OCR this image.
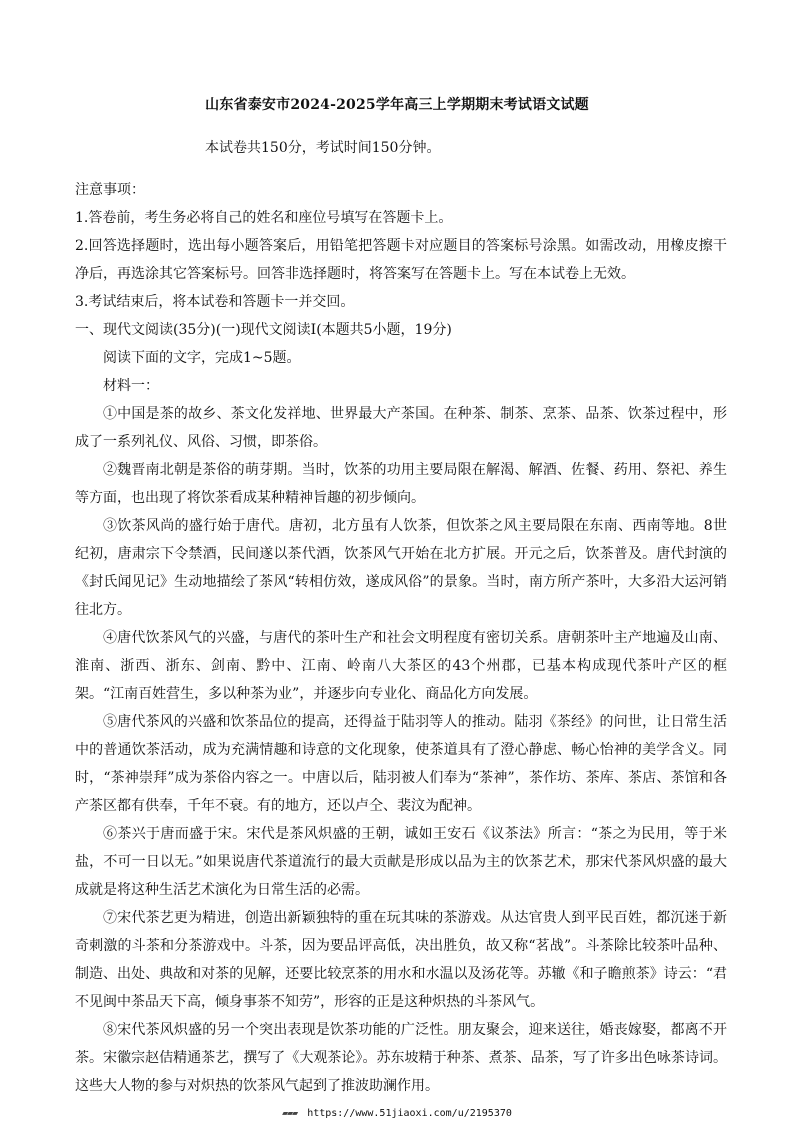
山东省泰安市2024-2025学年高三上学期期末考试语文试题
本试卷共150分，考试时间150分钟。

注意事项：

1.答卷前，考生务必将自己的姓名和座位号填写在答题卡上。

2.回答选择题时，选出每小题答案后，用铅笔把答题卡对应题目的答案标号涂黑。如需改动，用橡皮擦干净后，再选涂其它答案标号。回答非选择题时，将答案写在答题卡上。写在本试卷上无效。

3.考试结束后，将本试卷和答题卡一并交回。

一、现代文阅读(35分)(一)现代文阅读Ⅰ(本题共5小题，19分)

阅读下面的文字，完成1~5题。

材料一：

①中国是茶的故乡、茶文化发祥地、世界最大产茶国。在种茶、制茶、烹茶、品茶、饮茶过程中，形成了一系列礼仪、风俗、习惯，即茶俗。

②魏晋南北朝是茶俗的萌芽期。当时，饮茶的功用主要局限在解渴、解酒、佐餐、药用、祭祀、养生等方面，也出现了将饮茶看成某种精神旨趣的初步倾向。

③饮茶风尚的盛行始于唐代。唐初，北方虽有人饮茶，但饮茶之风主要局限在东南、西南等地。8世纪初，唐肃宗下令禁酒，民间遂以茶代酒，饮茶风气开始在北方扩展。开元之后，饮茶普及。唐代封演的《封氏闻见记》生动地描绘了茶风“转相仿效，遂成风俗”的景象。当时，南方所产茶叶，大多沿大运河销往北方。

④唐代饮茶风气的兴盛，与唐代的茶叶生产和社会文明程度有密切关系。唐朝茶叶主产地遍及山南、淮南、浙西、浙东、剑南、黔中、江南、岭南八大茶区的43个州郡，已基本构成现代茶叶产区的框架。“江南百姓营生，多以种茶为业”，并逐步向专业化、商品化方向发展。

⑤唐代茶风的兴盛和饮茶品位的提高，还得益于陆羽等人的推动。陆羽《茶经》的问世，让日常生活中的普通饮茶活动，成为充满情趣和诗意的文化现象，使茶道具有了澄心静虑、畅心怡神的美学含义。同时，“茶神崇拜”成为茶俗内容之一。中唐以后，陆羽被人们奉为“茶神”，茶作坊、茶库、茶店、茶馆和各产茶区都有供奉，千年不衰。有的地方，还以卢仝、裴汶为配神。

⑥茶兴于唐而盛于宋。宋代是茶风炽盛的王朝，诚如王安石《议茶法》所言：“茶之为民用，等于米盐，不可一日以无。”如果说唐代茶道流行的最大贡献是形成以品为主的饮茶艺术，那宋代茶风炽盛的最大成就是将这种生活艺术演化为日常生活的必需。

⑦宋代茶艺更为精进，创造出新颖独特的重在玩其味的茶游戏。从达官贵人到平民百姓，都沉迷于新奇刺激的斗茶和分茶游戏中。斗茶，因为要品评高低，决出胜负，故又称“茗战”。斗茶除比较茶叶品种、制造、出处、典故和对茶的见解，还要比较烹茶的用水和水温以及汤花等。苏辙《和子瞻煎茶》诗云：“君不见闽中茶品天下高，倾身事茶不知劳”，形容的正是这种炽热的斗茶风气。

⑧宋代茶风炽盛的另一个突出表现是饮茶功能的广泛性。朋友聚会，迎来送往，婚丧嫁娶，都离不开茶。宋徽宗赵佶精通茶艺，撰写了《大观茶论》。苏东坡精于种茶、煮茶、品茶，写了许多出色咏茶诗词。这些大人物的参与对炽热的饮茶风气起到了推波助澜作用。

▰▰▰ https://www.51jiaoxi.com/u/2195370
